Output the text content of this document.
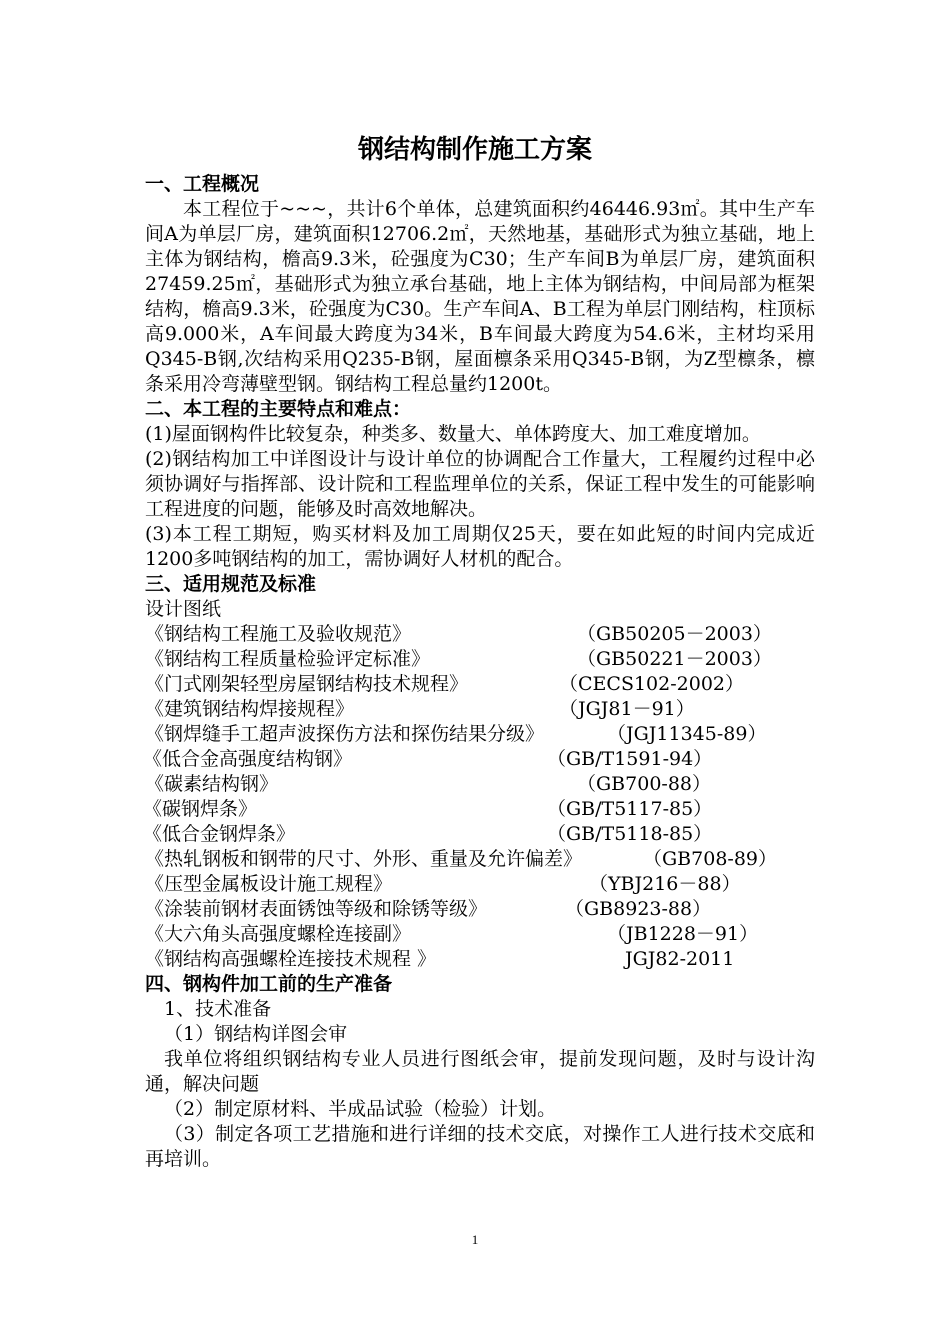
钢结构制作施工方案
一、工程概况

本工程位于~~~，共计6个单体，总建筑面积约46446.93㎡。其中生产车间A为单层厂房，建筑面积12706.2㎡，天然地基，基础形式为独立基础，地上主体为钢结构，檐高9.3米，砼强度为C30；生产车间B为单层厂房，建筑面积27459.25㎡，基础形式为独立承台基础，地上主体为钢结构，中间局部为框架结构，檐高9.3米，砼强度为C30。生产车间A、B工程为单层门刚结构，柱顶标高9.000米，A车间最大跨度为34米，B车间最大跨度为54.6米，主材均采用Q345-B钢,次结构采用Q235-B钢，屋面檩条采用Q345-B钢，为Z型檩条，檩条采用冷弯薄壁型钢。钢结构工程总量约1200t。

二、本工程的主要特点和难点：

(1)屋面钢构件比较复杂，种类多、数量大、单体跨度大、加工难度增加。

(2)钢结构加工中详图设计与设计单位的协调配合工作量大，工程履约过程中必须协调好与指挥部、设计院和工程监理单位的关系，保证工程中发生的可能影响工程进度的问题，能够及时高效地解决。

(3)本工程工期短，购买材料及加工周期仅25天，要在如此短的时间内完成近1200多吨钢结构的加工，需协调好人材机的配合。

三、适用规范及标准

设计图纸

《钢结构工程施工及验收规范》	（GB50205－2003）
《钢结构工程质量检验评定标准》	（GB50221－2003）
《门式刚架轻型房屋钢结构技术规程》	（CECS102-2002）
《建筑钢结构焊接规程》	（JGJ81－91）
《钢焊缝手工超声波探伤方法和探伤结果分级》	（JGJ11345-89）
《低合金高强度结构钢》	（GB/T1591-94）
《碳素结构钢》	（GB700-88）
《碳钢焊条》	（GB/T5117-85）
《低合金钢焊条》	（GB/T5118-85）
《热轧钢板和钢带的尺寸、外形、重量及允许偏差》	（GB708-89）
《压型金属板设计施工规程》	（YBJ216－88）
《涂装前钢材表面锈蚀等级和除锈等级》	（GB8923-88）
《大六角头高强度螺栓连接副》	（JB1228－91）
《钢结构高强螺栓连接技术规程 》	JGJ82-2011
四、钢构件加工前的生产准备

1、技术准备

（1）钢结构详图会审

我单位将组织钢结构专业人员进行图纸会审，提前发现问题，及时与设计沟通，解决问题

（2）制定原材料、半成品试验（检验）计划。

（3）制定各项工艺措施和进行详细的技术交底，对操作工人进行技术交底和再培训。

1
